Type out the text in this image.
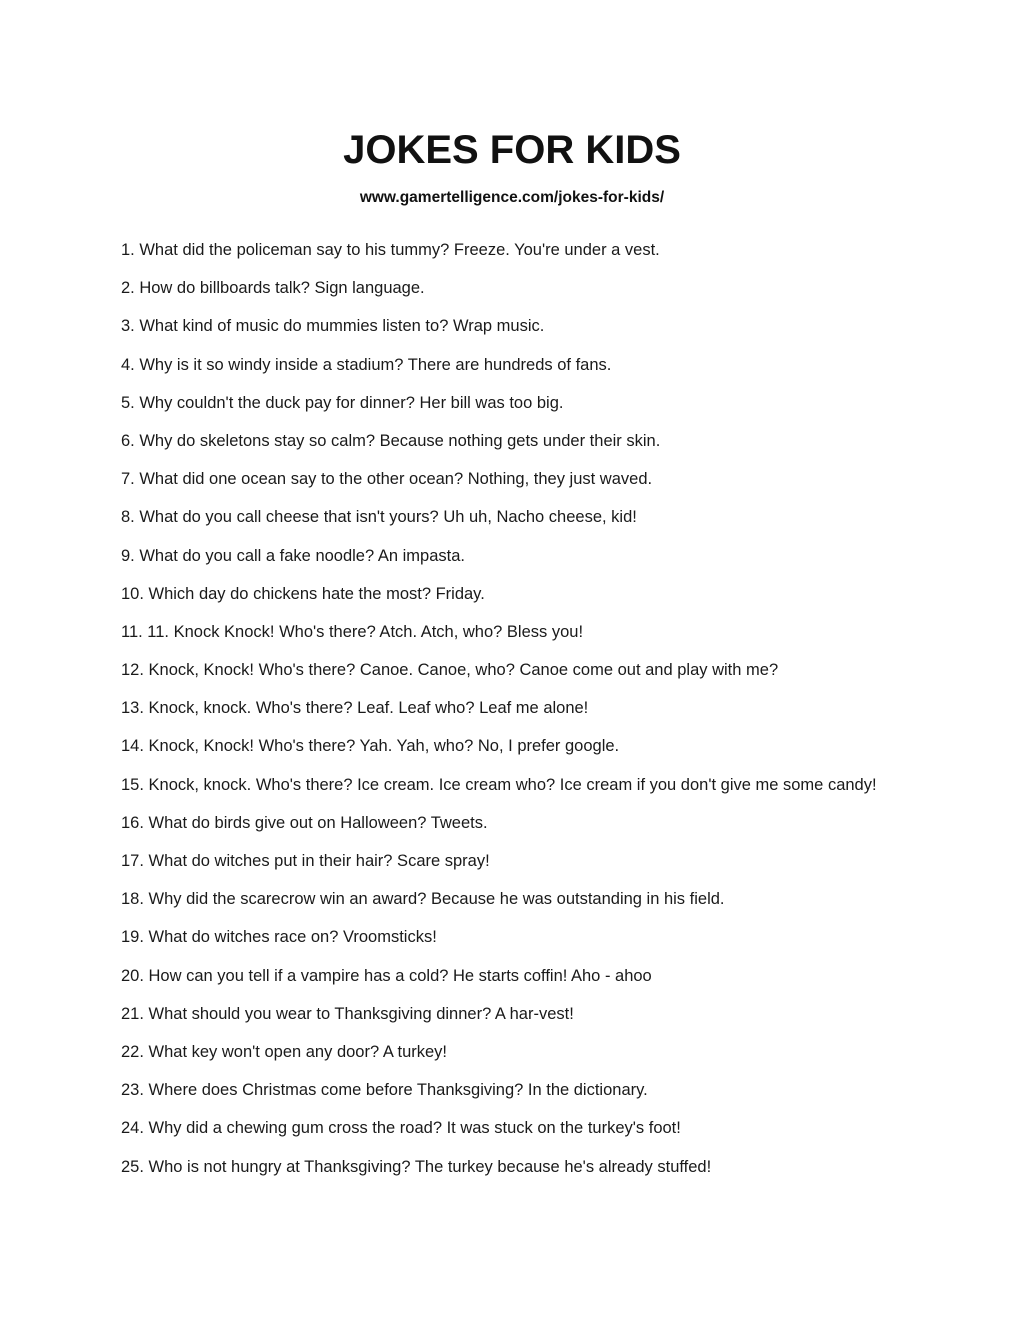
JOKES FOR KIDS
www.gamertelligence.com/jokes-for-kids/
1. What did the policeman say to his tummy? Freeze. You're under a vest.
2. How do billboards talk? Sign language.
3. What kind of music do mummies listen to? Wrap music.
4. Why is it so windy inside a stadium? There are hundreds of fans.
5. Why couldn't the duck pay for dinner? Her bill was too big.
6. Why do skeletons stay so calm? Because nothing gets under their skin.
7. What did one ocean say to the other ocean? Nothing, they just waved.
8. What do you call cheese that isn't yours? Uh uh, Nacho cheese, kid!
9. What do you call a fake noodle? An impasta.
10. Which day do chickens hate the most? Friday.
11. 11. Knock Knock! Who's there? Atch. Atch, who? Bless you!
12. Knock, Knock! Who's there? Canoe. Canoe, who? Canoe come out and play with me?
13. Knock, knock. Who's there? Leaf. Leaf who? Leaf me alone!
14. Knock, Knock! Who's there? Yah. Yah, who? No, I prefer google.
15. Knock, knock. Who's there? Ice cream. Ice cream who? Ice cream if you don't give me some candy!
16. What do birds give out on Halloween? Tweets.
17. What do witches put in their hair? Scare spray!
18. Why did the scarecrow win an award? Because he was outstanding in his field.
19. What do witches race on? Vroomsticks!
20. How can you tell if a vampire has a cold? He starts coffin! Aho - ahoo
21. What should you wear to Thanksgiving dinner? A har-vest!
22. What key won't open any door? A turkey!
23. Where does Christmas come before Thanksgiving? In the dictionary.
24. Why did a chewing gum cross the road? It was stuck on the turkey's foot!
25. Who is not hungry at Thanksgiving? The turkey because he's already stuffed!
